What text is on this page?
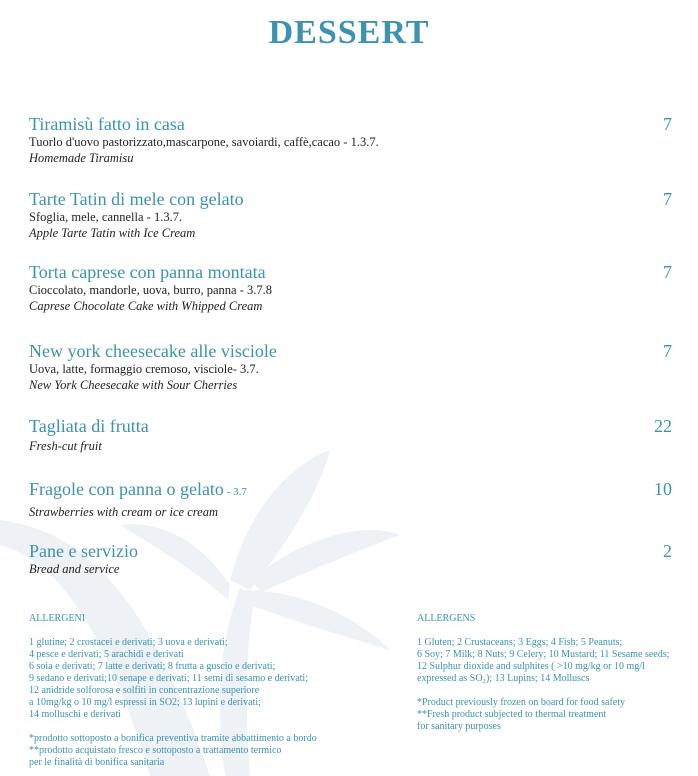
DESSERT
Tiramisù fatto in casa	7
Tuorlo d'uovo pastorizzato,mascarpone, savoiardi, caffè,cacao - 1.3.7.
Homemade Tiramisu
Tarte Tatin di mele con gelato	7
Sfoglia, mele, cannella - 1.3.7.
Apple Tarte Tatin with Ice Cream
Torta caprese con panna montata	7
Cioccolato, mandorle, uova, burro, panna - 3.7.8
Caprese Chocolate Cake with Whipped Cream
New york cheesecake alle visciole	7
Uova, latte, formaggio cremoso, visciole- 3.7.
New York Cheesecake with Sour Cherries
Tagliata di frutta	22
Fresh-cut fruit
Fragole con panna o gelato - 3.7	10
Strawberries with cream or ice cream
Pane e servizio	2
Bread and service
ALLERGENI
1 glutine; 2 crostacei e derivati; 3 uova e derivati;
4 pesce e derivati; 5 arachidi e derivati
6 soia e derivati; 7 latte e derivati; 8 frutta a guscio e derivati;
9 sedano e derivati;10 senape e derivati; 11 semi di sesamo e derivati;
12 anidride solforosa e solfiti in concentrazione superiore
a 10mg/kg o 10 mg/l espressi in SO2; 13 lupini e derivati;
14 molluschi e derivati
*prodotto sottoposto a bonifica preventiva tramite abbattimento a bordo
**prodotto acquistato fresco e sottoposto a trattamento termico
per le finalità di bonifica sanitaria
ALLERGENS
1 Gluten; 2 Crustaceans; 3 Eggs; 4 Fish; 5 Peanuts;
6 Soy; 7 Milk; 8 Nuts; 9 Celery; 10 Mustard; 11 Sesame seeds;
12 Sulphur dioxide and sulphites ( >10 mg/kg or 10 mg/l
expressed as SO₂); 13 Lupins; 14 Molluscs
*Product previously frozen on board for food safety
**Fresh product subjected to thermal treatment
for sanitary purposes
